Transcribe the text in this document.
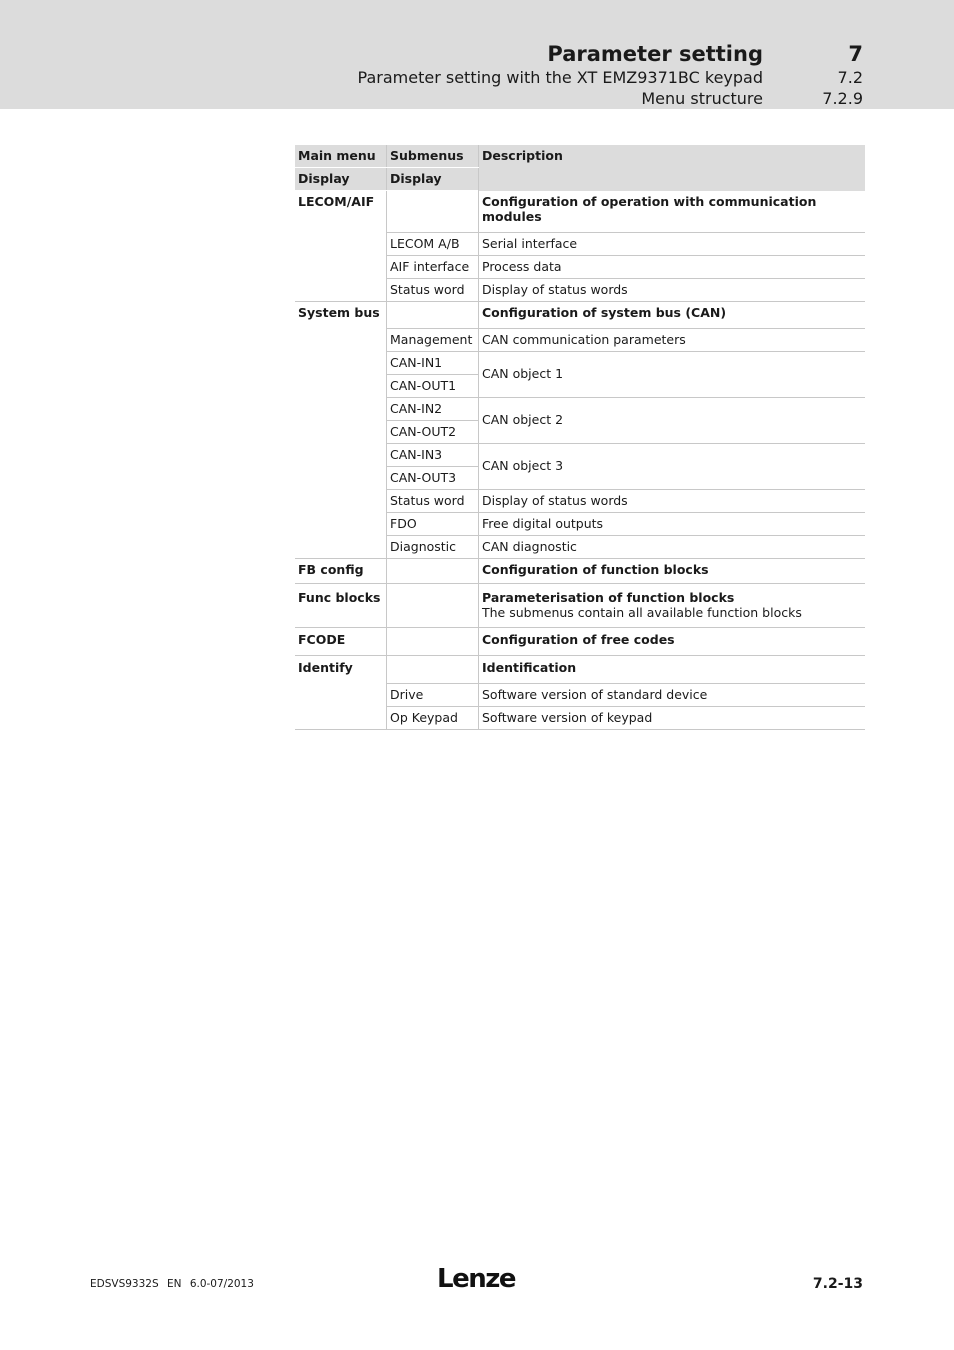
Parameter setting	7
Parameter setting with the XT EMZ9371BC keypad	7.2
Menu structure	7.2.9
Main menu	Submenus	Description
Display	Display	
LECOM/AIF		Configuration of operation with communication modules
	LECOM A/B	Serial interface
	AIF interface	Process data
	Status word	Display of status words
System bus		Configuration of system bus (CAN)
	Management	CAN communication parameters
	CAN-IN1	CAN object 1
	CAN-OUT1	
	CAN-IN2	CAN object 2
	CAN-OUT2	
	CAN-IN3	CAN object 3
	CAN-OUT3	
	Status word	Display of status words
	FDO	Free digital outputs
	Diagnostic	CAN diagnostic
FB config		Configuration of function blocks
Func blocks		Parameterisation of function blocks
The submenus contain all available function blocks

FCODE		Configuration of free codes
Identify		Identification
	Drive	Software version of standard device
	Op Keypad	Software version of keypad
EDSVS9332S EN 6.0-07/2013	Lenze	7.2-13
